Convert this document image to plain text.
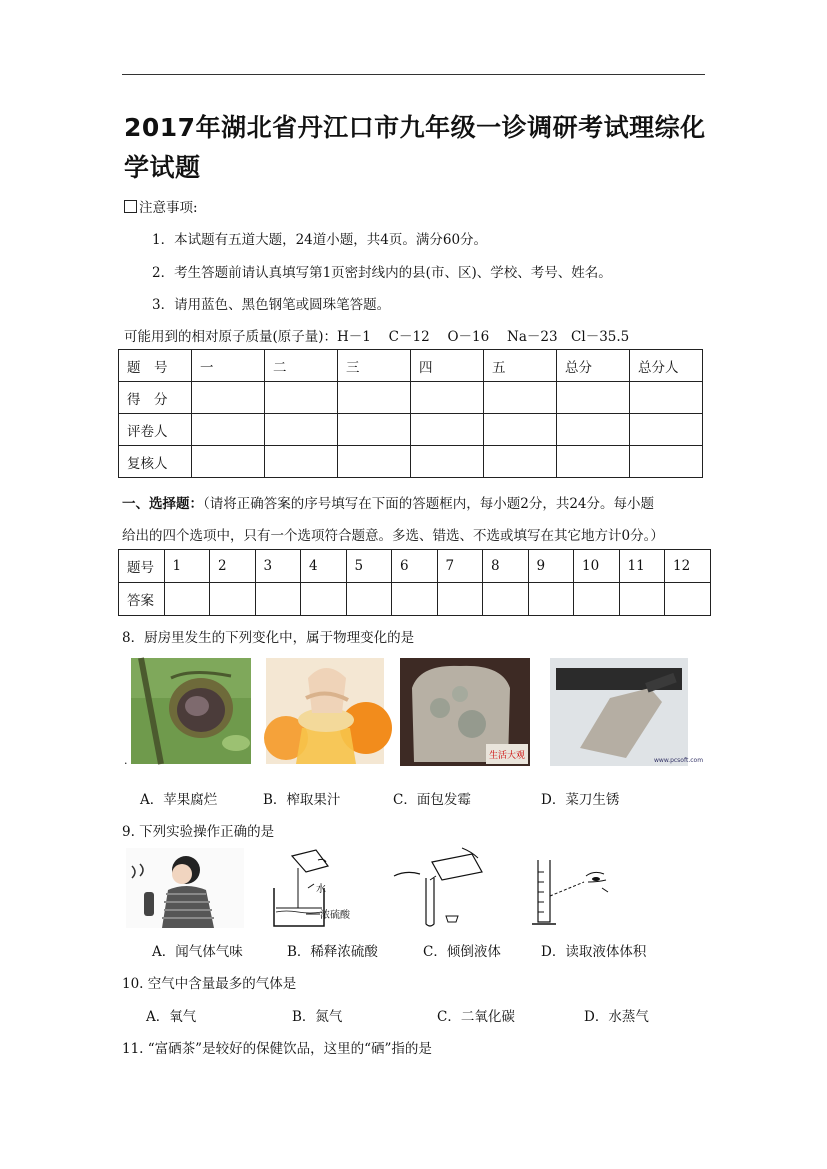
2017年湖北省丹江口市九年级一诊调研考试理综化
学试题
注意事项:
1．本试题有五道大题，24道小题，共4页。满分60分。
2．考生答题前请认真填写第1页密封线内的县(市、区)、学校、考号、姓名。
3．请用蓝色、黑色钢笔或圆珠笔答题。
可能用到的相对原子质量(原子量)：H－1　 C－12　 O－16　 Na－23　Cl－35.5
题　号	一	二	三	四	五	总分	总分人
得　分							
评卷人							
复核人							
一、选择题：（请将正确答案的序号填写在下面的答题框内，每小题2分，共24分。每小题
给出的四个选项中，只有一个选项符合题意。多选、错选、不选或填写在其它地方计0分。）
题号	1	2	3	4	5	6	7	8	9	10	11	12
答案												
8．厨房里发生的下列变化中，属于物理变化的是
生活大观	www.pcsoft.com
.
A．苹果腐烂	B．榨取果汁	C．面包发霉	D．菜刀生锈
9. 下列实验操作正确的是
水
浓硫酸
A．闻气体气味	B．稀释浓硫酸	C．倾倒液体	D．读取液体体积
10. 空气中含量最多的气体是
A．氧气	B．氮气	C．二氧化碳	D．水蒸气
11. “富硒茶”是较好的保健饮品，这里的“硒”指的是
